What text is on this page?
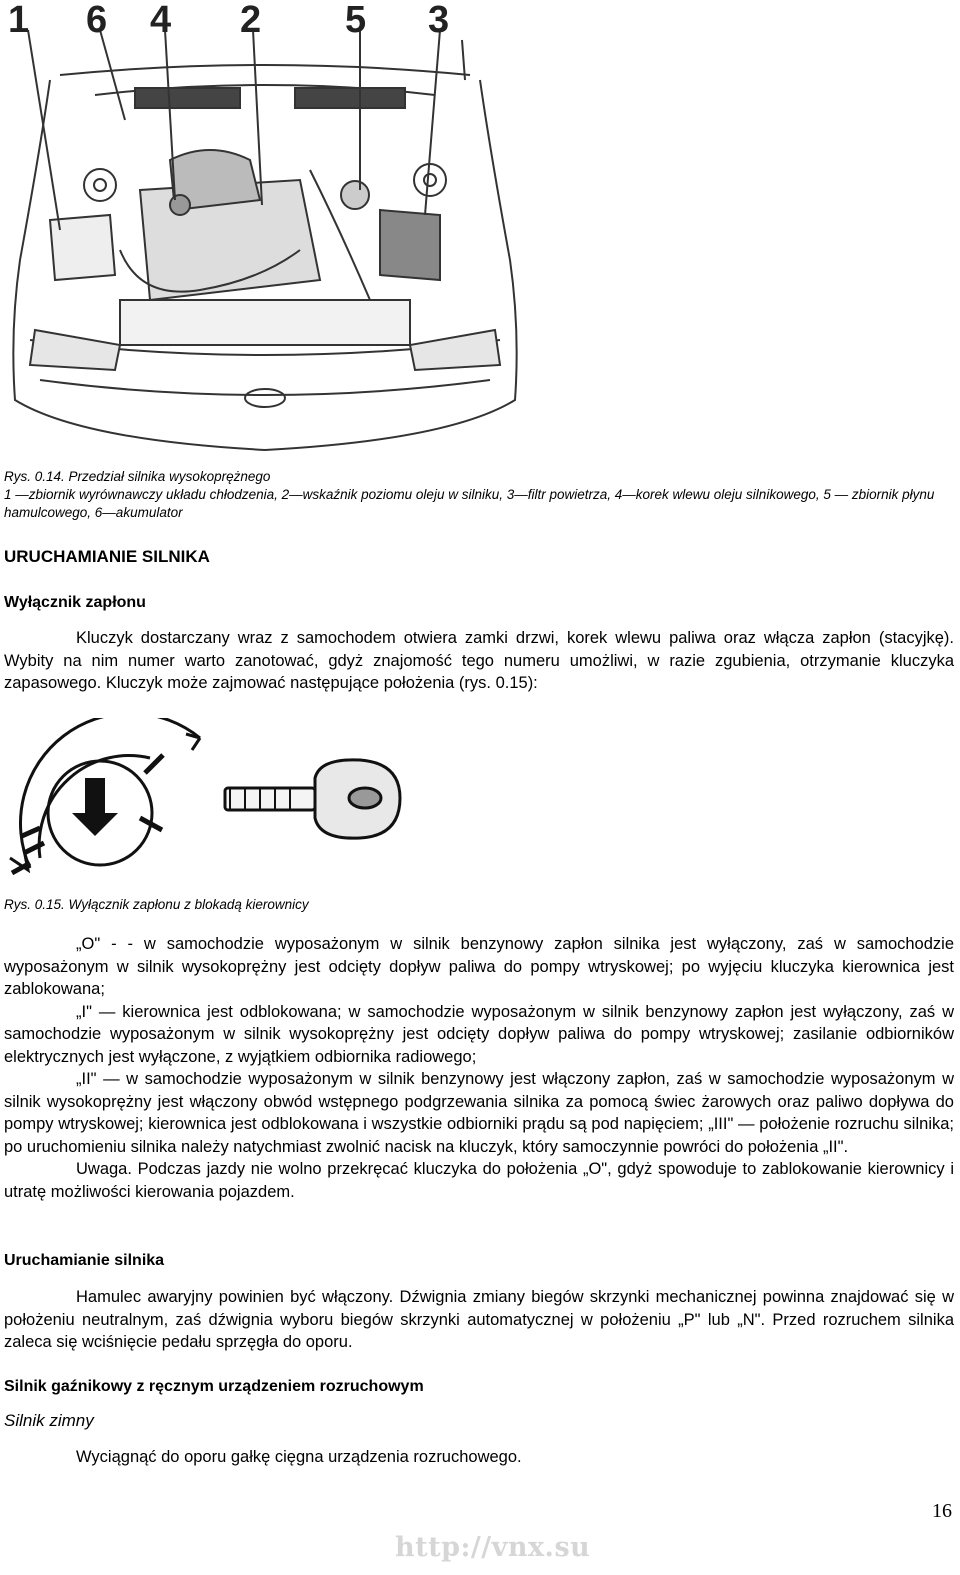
1 6 4 2 5 3
Rys. 0.14. Przedział silnika wysokoprężnego
1 —zbiornik wyrównawczy układu chłodzenia, 2—wskaźnik poziomu oleju w silniku, 3—filtr powietrza, 4—korek wlewu oleju silnikowego, 5 — zbiornik płynu hamulcowego, 6—akumulator
URUCHAMIANIE SILNIKA
Wyłącznik zapłonu

Kluczyk dostarczany wraz z samochodem otwiera zamki drzwi, korek wlewu paliwa oraz włącza zapłon (stacyjkę). Wybity na nim numer warto zanotować, gdyż znajomość tego numeru umożliwi, w razie zgubienia, otrzymanie kluczyka zapasowego. Kluczyk może zajmować następujące położenia (rys. 0.15):

Rys. 0.15. Wyłącznik zapłonu z blokadą kierownicy

„O" - - w samochodzie wyposażonym w silnik benzynowy zapłon silnika jest wyłączony, zaś w samochodzie wyposażonym w silnik wysokoprężny jest odcięty dopływ paliwa do pompy wtryskowej; po wyjęciu kluczyka kierownica jest zablokowana;

„I" — kierownica jest odblokowana; w samochodzie wyposażonym w silnik benzynowy zapłon jest wyłączony, zaś w samochodzie wyposażonym w silnik wysokoprężny jest odcięty dopływ paliwa do pompy wtryskowej; zasilanie odbiorników elektrycznych jest wyłączone, z wyjątkiem odbiornika radiowego;

„II" — w samochodzie wyposażonym w silnik benzynowy jest włączony zapłon, zaś w samochodzie wyposażonym w silnik wysokoprężny jest włączony obwód wstępnego podgrzewania silnika za pomocą świec żarowych oraz paliwo dopływa do pompy wtryskowej; kierownica jest odblokowana i wszystkie odbiorniki prądu są pod napięciem; „III" — położenie rozruchu silnika; po uruchomieniu silnika należy natychmiast zwolnić nacisk na kluczyk, który samoczynnie powróci do położenia „II".

Uwaga. Podczas jazdy nie wolno przekręcać kluczyka do położenia „O", gdyż spowoduje to zablokowanie kierownicy i utratę możliwości kierowania pojazdem.

Uruchamianie silnika

Hamulec awaryjny powinien być włączony. Dźwignia zmiany biegów skrzynki mechanicznej powinna znajdować się w położeniu neutralnym, zaś dźwignia wyboru biegów skrzynki automatycznej w położeniu „P" lub „N". Przed rozruchem silnika zaleca się wciśnięcie pedału sprzęgła do oporu.

Silnik gaźnikowy z ręcznym urządzeniem rozruchowym
Silnik zimny

Wyciągnąć do oporu gałkę cięgna urządzenia rozruchowego.

16
http://vnx.su
